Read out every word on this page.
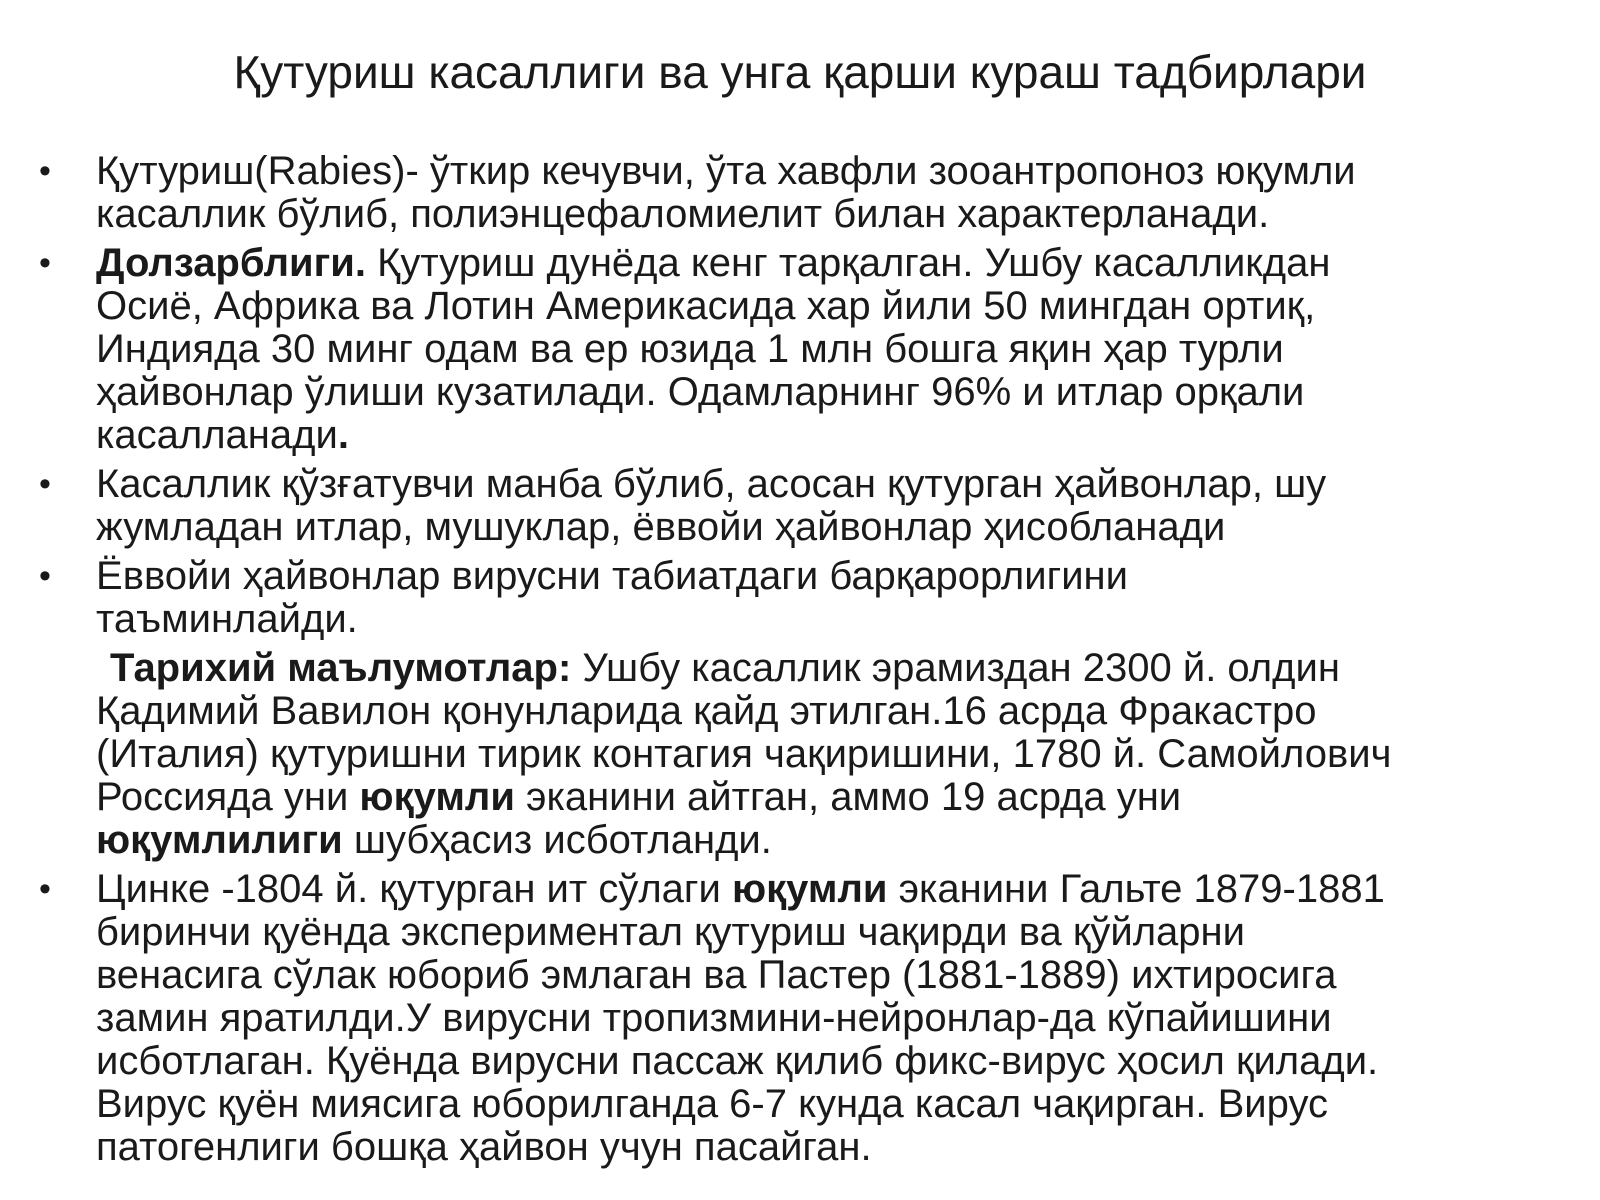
Қутуриш касаллиги ва унга қарши кураш тадбирлари
• Қутуриш(Rabies)- ўткир кечувчи, ўта хавфли зооантропоноз юқумли
касаллик бўлиб, полиэнцефаломиелит билан характерланади.
• Долзарблиги. Қутуриш дунёда кенг тарқалган. Ушбу касалликдан
Осиё, Африка ва Лотин Америкасида хар йили 50 мингдан ортиқ,
Индияда 30 минг одам ва ер юзида 1 млн бошга яқин ҳар турли
ҳайвонлар ўлиши кузатилади. Одамларнинг 96% и итлар орқали
касалланади.
• Касаллик қўзғатувчи манба бўлиб, асосан қутурган ҳайвонлар, шу
жумладан итлар, мушуклар, ёввойи ҳайвонлар ҳисобланади
• Ёввойи ҳайвонлар вирусни табиатдаги барқарорлигини
таъминлайди.
Тарихий маълумотлар: Ушбу касаллик эрамиздан 2300 й. олдин
Қадимий Вавилон қонунларида қайд этилган.16 асрда Фракастро
(Италия) қутуришни тирик контагия чақиришини, 1780 й. Самойлович
Россияда уни юқумли эканини айтган, аммо 19 асрда уни
юқумлилиги шубҳасиз исботланди.
• Цинке -1804 й. қутурган ит сўлаги юқумли эканини Гальте 1879-1881
биринчи қуёнда экспериментал қутуриш чақирди ва қўйларни
венасига сўлак юбориб эмлаган ва Пастер (1881-1889) ихтиросига
замин яратилди.У вирусни тропизмини-нейронлар-да кўпайишини
исботлаган. Қуёнда вирусни пассаж қилиб фикс-вирус ҳосил қилади.
Вирус қуён миясига юборилганда 6-7 кунда касал чақирган. Вирус
патогенлиги бошқа ҳайвон учун пасайган.
